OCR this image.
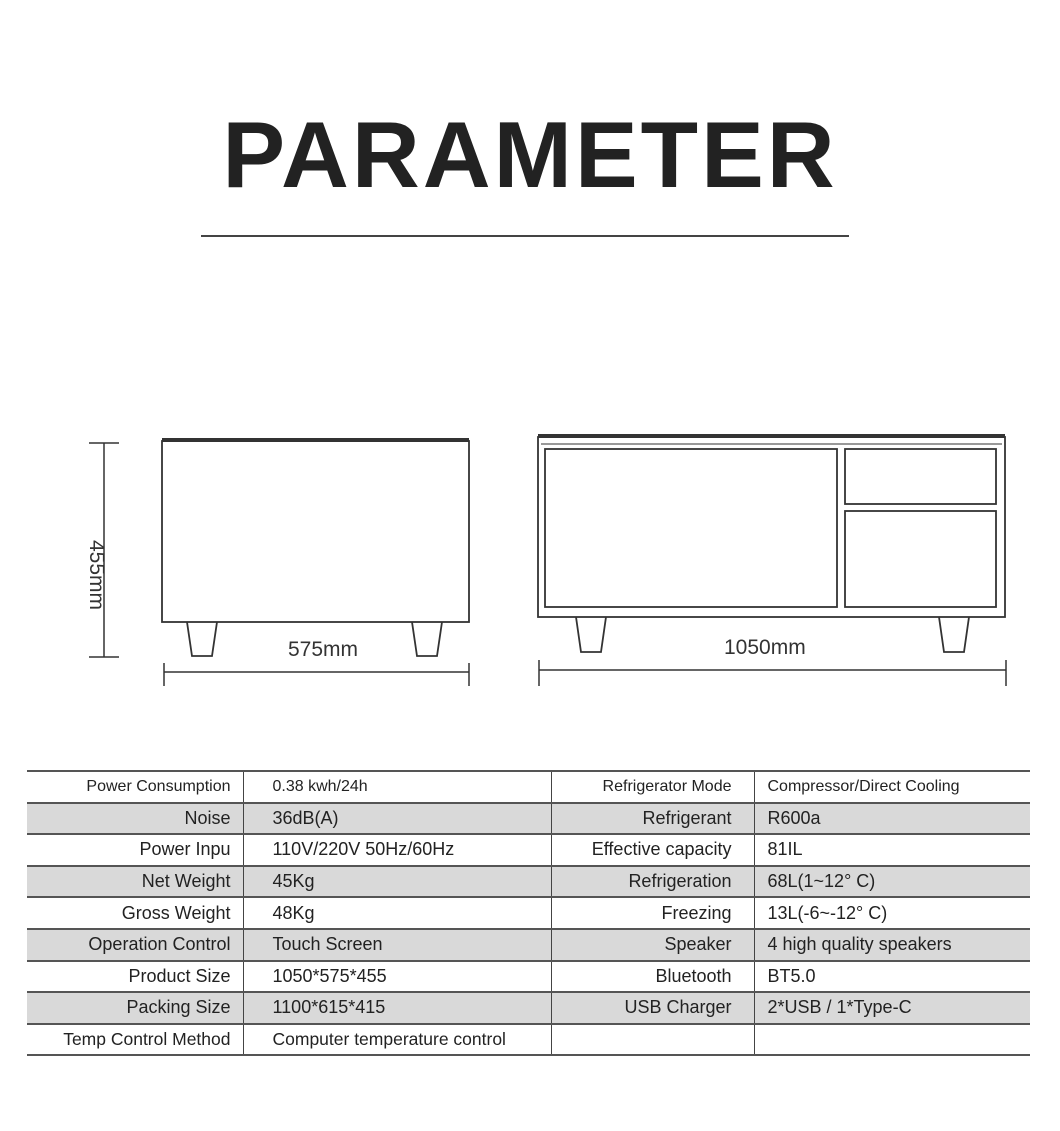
PARAMETER
455mm
575mm	1050mm
Power Consumption	0.38 kwh/24h	Refrigerator Mode	Compressor/Direct Cooling
Noise	36dB(A)	Refrigerant	R600a
Power Inpu	110V/220V 50Hz/60Hz	Effective capacity	81IL
Net Weight	45Kg	Refrigeration	68L(1~12° C)
Gross Weight	48Kg	Freezing	13L(-6~-12° C)
Operation Control	Touch Screen	Speaker	4 high quality speakers
Product Size	1050*575*455	Bluetooth	BT5.0
Packing Size	1100*615*415	USB Charger	2*USB / 1*Type-C
Temp Control Method	Computer temperature control		
